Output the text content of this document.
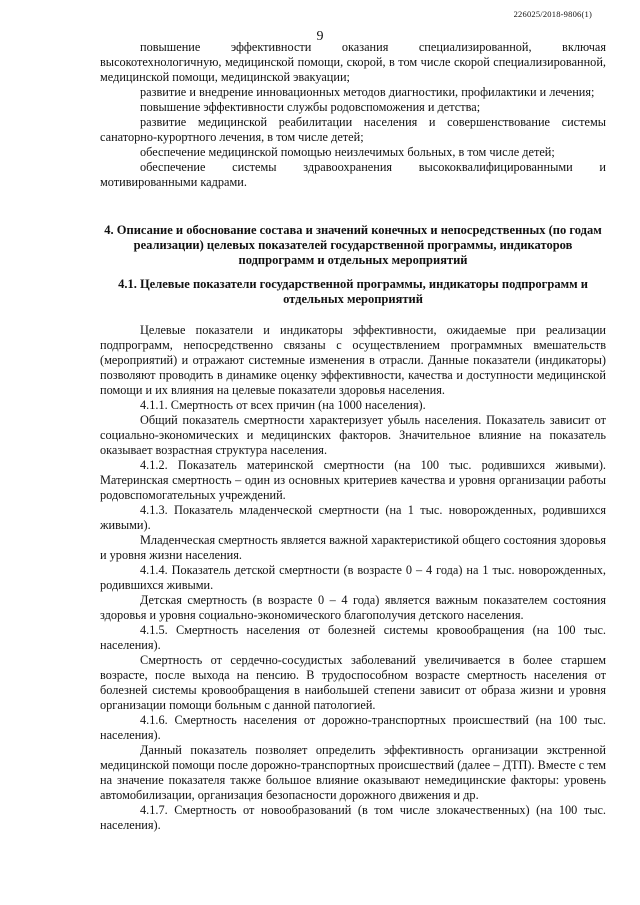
226025/2018-9806(1)
9

повышение эффективности оказания специализированной, включая высокотехнологичную, медицинской помощи, скорой, в том числе скорой специализированной, медицинской помощи, медицинской эвакуации;

развитие и внедрение инновационных методов диагностики, профилактики и лечения;

повышение эффективности службы родовспоможения и детства;

развитие медицинской реабилитации населения и совершенствование системы санаторно-курортного лечения, в том числе детей;

обеспечение медицинской помощью неизлечимых больных, в том числе детей;

обеспечение системы здравоохранения высококвалифицированными и мотивированными кадрами.

4. Описание и обоснование состава и значений конечных и непосредственных (по годам реализации) целевых показателей государственной программы, индикаторов подпрограмм и отдельных мероприятий

4.1. Целевые показатели государственной программы, индикаторы подпрограмм и отдельных мероприятий

Целевые показатели и индикаторы эффективности, ожидаемые при реализации подпрограмм, непосредственно связаны с осуществлением программных вмешательств (мероприятий) и отражают системные изменения в отрасли. Данные показатели (индикаторы) позволяют проводить в динамике оценку эффективности, качества и доступности медицинской помощи и их влияния на целевые показатели здоровья населения.

4.1.1. Смертность от всех причин (на 1000 населения).

Общий показатель смертности характеризует убыль населения. Показатель зависит от социально-экономических и медицинских факторов. Значительное влияние на показатель оказывает возрастная структура населения.

4.1.2. Показатель материнской смертности (на 100 тыс. родившихся живыми). Материнская смертность – один из основных критериев качества и уровня организации работы родовспомогательных учреждений.

4.1.3. Показатель младенческой смертности (на 1 тыс. новорожденных, родившихся живыми).

Младенческая смертность является важной характеристикой общего состояния здоровья и уровня жизни населения.

4.1.4. Показатель детской смертности (в возрасте 0 – 4 года) на 1 тыс. новорожденных, родившихся живыми.

Детская смертность (в возрасте 0 – 4 года) является важным показателем состояния здоровья и уровня социально-экономического благополучия детского населения.

4.1.5. Смертность населения от болезней системы кровообращения (на 100 тыс. населения).

Смертность от сердечно-сосудистых заболеваний увеличивается в более старшем возрасте, после выхода на пенсию. В трудоспособном возрасте смертность населения от болезней системы кровообращения в наибольшей степени зависит от образа жизни и уровня организации помощи больным с данной патологией.

4.1.6. Смертность населения от дорожно-транспортных происшествий (на 100 тыс. населения).

Данный показатель позволяет определить эффективность организации экстренной медицинской помощи после дорожно-транспортных происшествий (далее – ДТП). Вместе с тем на значение показателя также большое влияние оказывают немедицинские факторы: уровень автомобилизации, организация безопасности дорожного движения и др.

4.1.7. Смертность от новообразований (в том числе злокачественных) (на 100 тыс. населения).
